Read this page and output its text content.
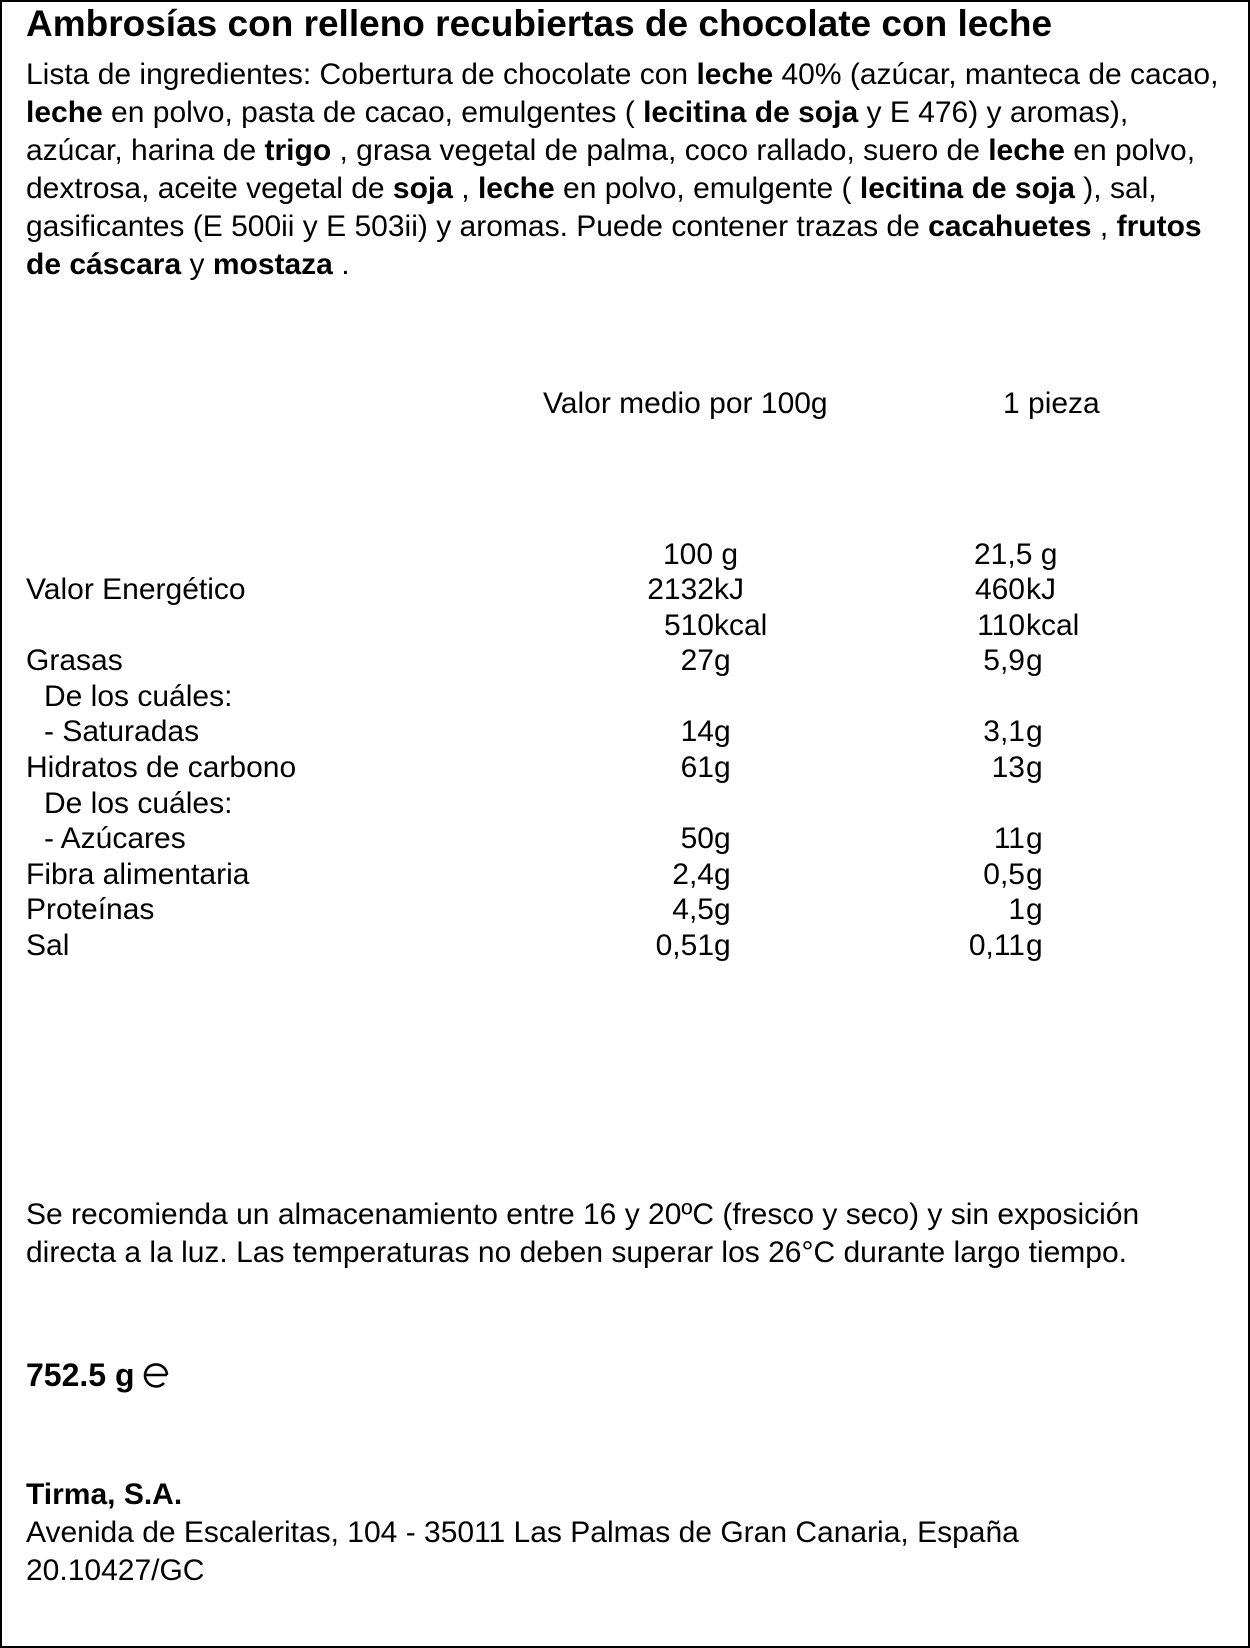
Ambrosías con relleno recubiertas de chocolate con leche

Lista de ingredientes: Cobertura de chocolate con leche 40% (azúcar, manteca de cacao, leche en polvo, pasta de cacao, emulgentes ( lecitina de soja y E 476) y aromas), azúcar, harina de trigo , grasa vegetal de palma, coco rallado, suero de leche en polvo, dextrosa, aceite vegetal de soja , leche en polvo, emulgente ( lecitina de soja ), sal, gasificantes (E 500ii y E 503ii) y aromas. Puede contener trazas de cacahuetes , frutos de cáscara y mostaza .

Valor medio por 100g	1 pieza
100 g	21,5 g
Valor Energético	2132 kJ	460 kJ
510 kcal	110 kcal
Grasas	27 g	5,9 g
De los cuáles:
- Saturadas	14 g	3,1 g
Hidratos de carbono	61 g	13 g
De los cuáles:
- Azúcares	50 g	11 g
Fibra alimentaria	2,4 g	0,5 g
Proteínas	4,5 g	1 g
Sal	0,51 g	0,11 g

Se recomienda un almacenamiento entre 16 y 20ºC (fresco y seco) y sin exposición directa a la luz. Las temperaturas no deben superar los 26°C durante largo tiempo.

752.5 g
Tirma, S.A.
Avenida de Escaleritas, 104 - 35011 Las Palmas de Gran Canaria, España
20.10427/GC
